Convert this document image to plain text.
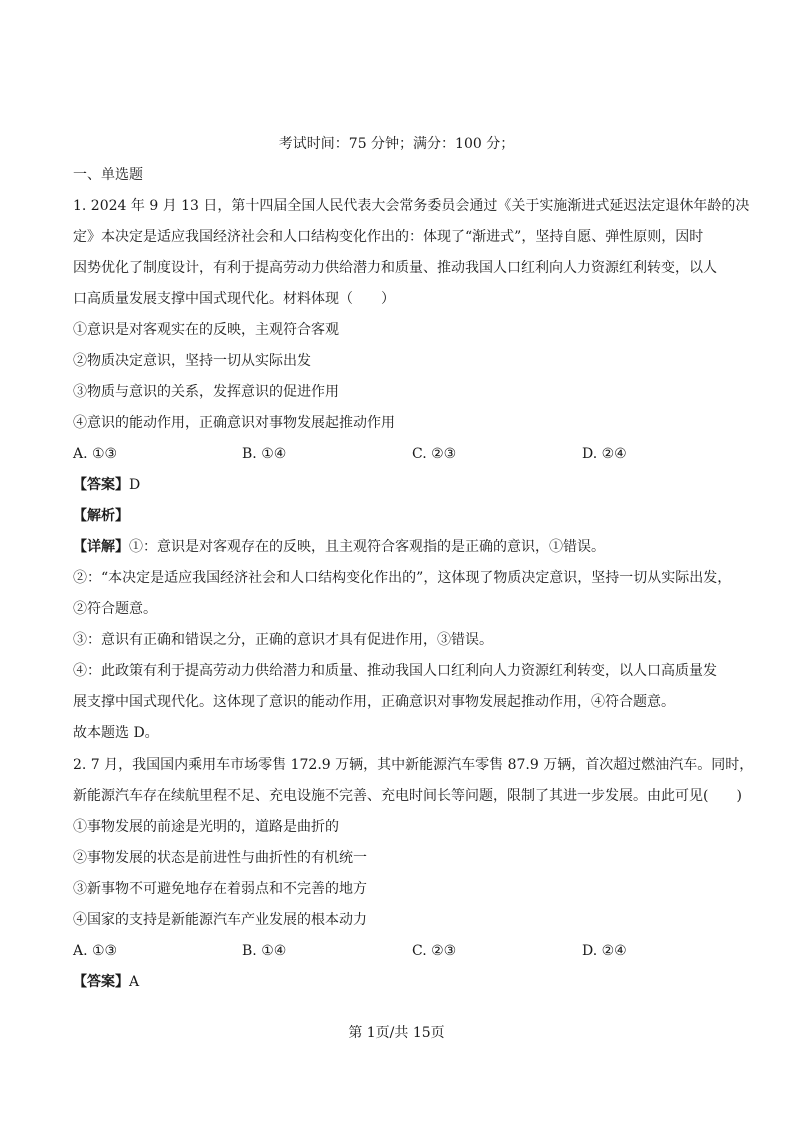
考试时间：75 分钟；满分：100 分；
一、单选题
1. 2024 年 9 月 13 日，第十四届全国人民代表大会常务委员会通过《关于实施渐进式延迟法定退休年龄的决
定》本决定是适应我国经济社会和人口结构变化作出的：体现了“渐进式”，坚持自愿、弹性原则，因时
因势优化了制度设计，有利于提高劳动力供给潜力和质量、推动我国人口红利向人力资源红利转变，以人
口高质量发展支撑中国式现代化。材料体现（　　）
①意识是对客观实在的反映，主观符合客观
②物质决定意识，坚持一切从实际出发
③物质与意识的关系，发挥意识的促进作用
④意识的能动作用，正确意识对事物发展起推动作用
A. ①③	B. ①④	C. ②③	D. ②④
【答案】D
【解析】
【详解】①：意识是对客观存在的反映，且主观符合客观指的是正确的意识，①错误。
②：“本决定是适应我国经济社会和人口结构变化作出的”，这体现了物质决定意识，坚持一切从实际出发，
②符合题意。
③：意识有正确和错误之分，正确的意识才具有促进作用，③错误。
④：此政策有利于提高劳动力供给潜力和质量、推动我国人口红利向人力资源红利转变，以人口高质量发
展支撑中国式现代化。这体现了意识的能动作用，正确意识对事物发展起推动作用，④符合题意。
故本题选 D。
2. 7 月，我国国内乘用车市场零售 172.9 万辆，其中新能源汽车零售 87.9 万辆，首次超过燃油汽车。同时，
新能源汽车存在续航里程不足、充电设施不完善、充电时间长等问题，限制了其进一步发展。由此可见(　　)
①事物发展的前途是光明的，道路是曲折的
②事物发展的状态是前进性与曲折性的有机统一
③新事物不可避免地存在着弱点和不完善的地方
④国家的支持是新能源汽车产业发展的根本动力
A. ①③	B. ①④	C. ②③	D. ②④
【答案】A
第 1页/共 15页
